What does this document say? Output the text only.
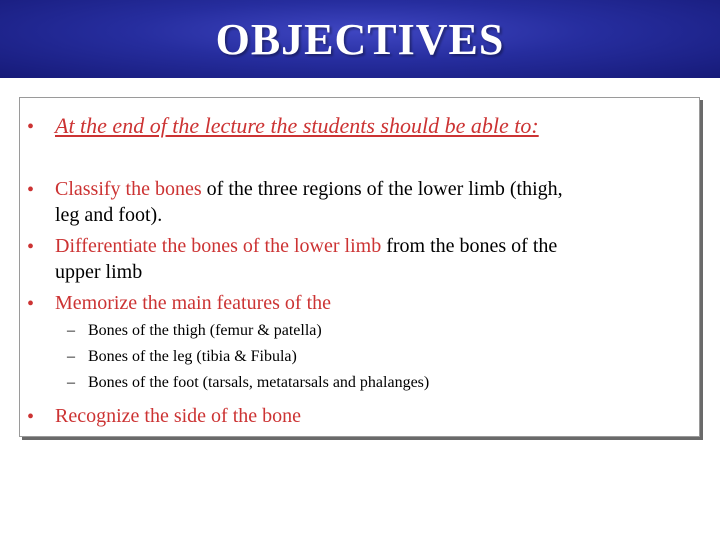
OBJECTIVES
• At the end of the lecture the students should be able to:
• Classify the bones of the three regions of the lower limb (thigh,
leg and foot).
• Differentiate the bones of the lower limb from the bones of the
upper limb
• Memorize the main features of the
– Bones of the thigh (femur & patella)
– Bones of the leg (tibia & Fibula)
– Bones of the foot (tarsals, metatarsals and phalanges)
• Recognize the side of the bone
